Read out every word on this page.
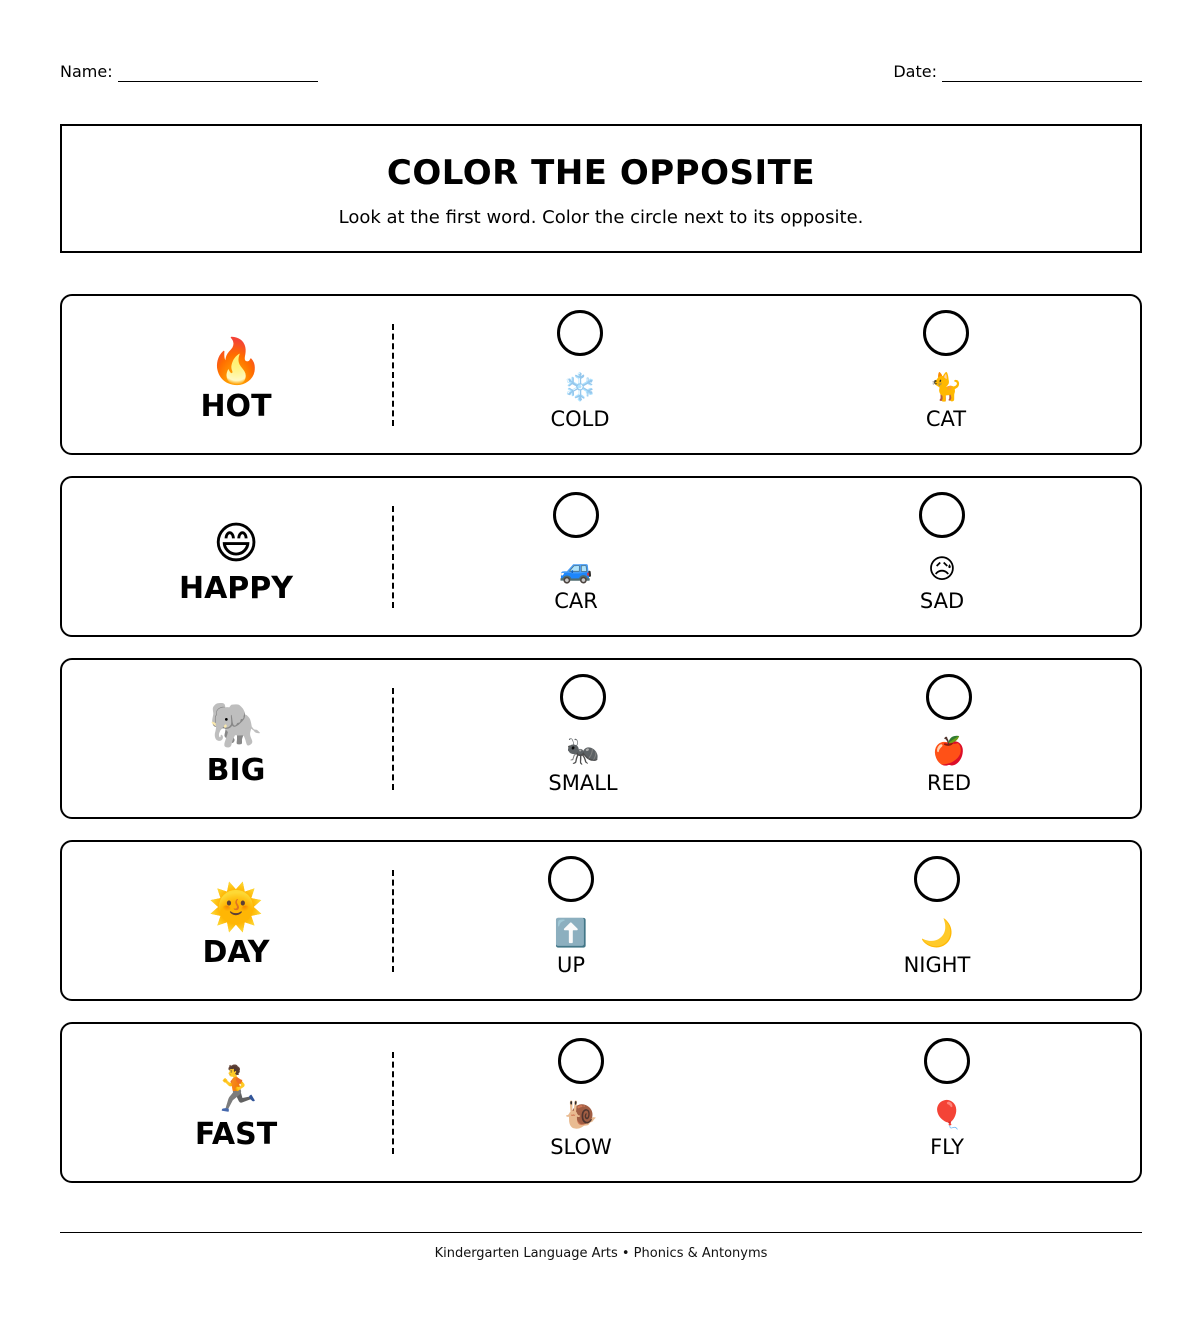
Name:	Date:
COLOR THE OPPOSITE
Look at the first word. Color the circle next to its opposite.
🔥
HOT
❄️
COLD
🐈
CAT
😄
HAPPY
🚙
CAR
😥
SAD
🐘
BIG
🐜
SMALL
🍎
RED
🌞
DAY
⬆️
UP
🌙
NIGHT
🏃
FAST
🐌
SLOW
🎈
FLY
Kindergarten Language Arts • Phonics & Antonyms
